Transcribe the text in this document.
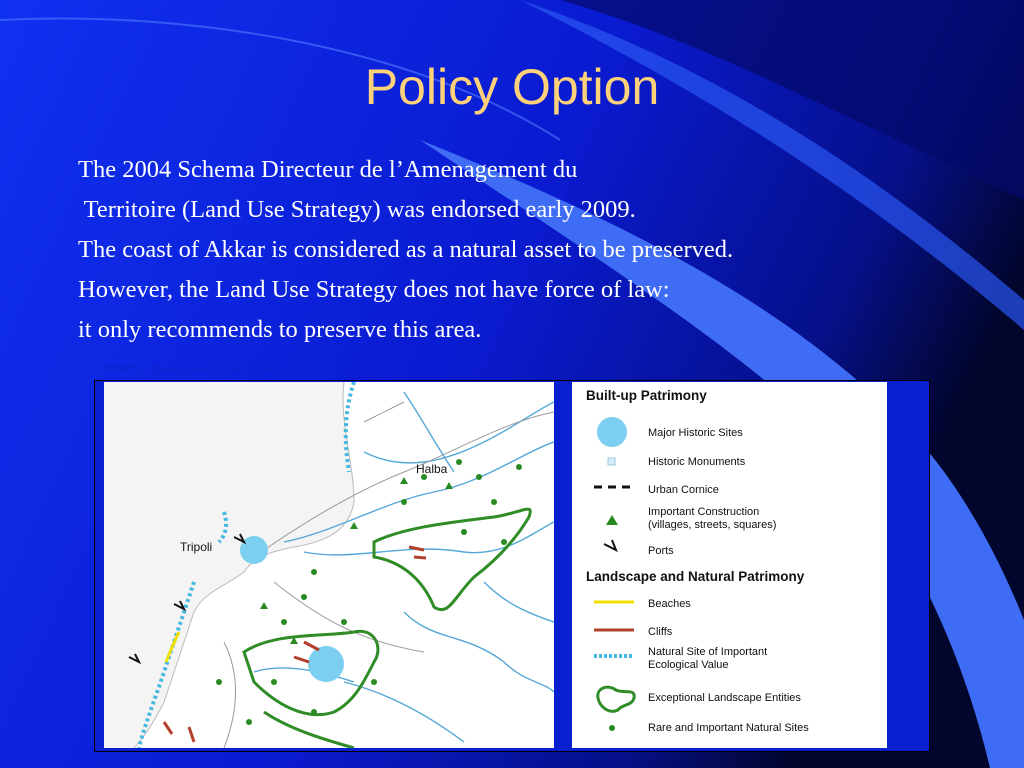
Policy Option
The 2004 Schema Directeur de l’Amenagement du
Territoire (Land Use Strategy) was endorsed early 2009.
The coast of Akkar is considered as a natural asset to be preserved.
However, the Land Use Strategy does not have force of law:
it only recommends to preserve this area.
NPMPLT Natural and Cultural Sites
Halba
Tripoli
Built-up Patrimony
Major Historic Sites
Historic Monuments
Urban Cornice
Important Construction
(villages, streets, squares)
Ports
Landscape and Natural Patrimony
Beaches
Cliffs
Natural Site of Important
Ecological Value
Exceptional Landscape Entities
Rare and Important Natural Sites
